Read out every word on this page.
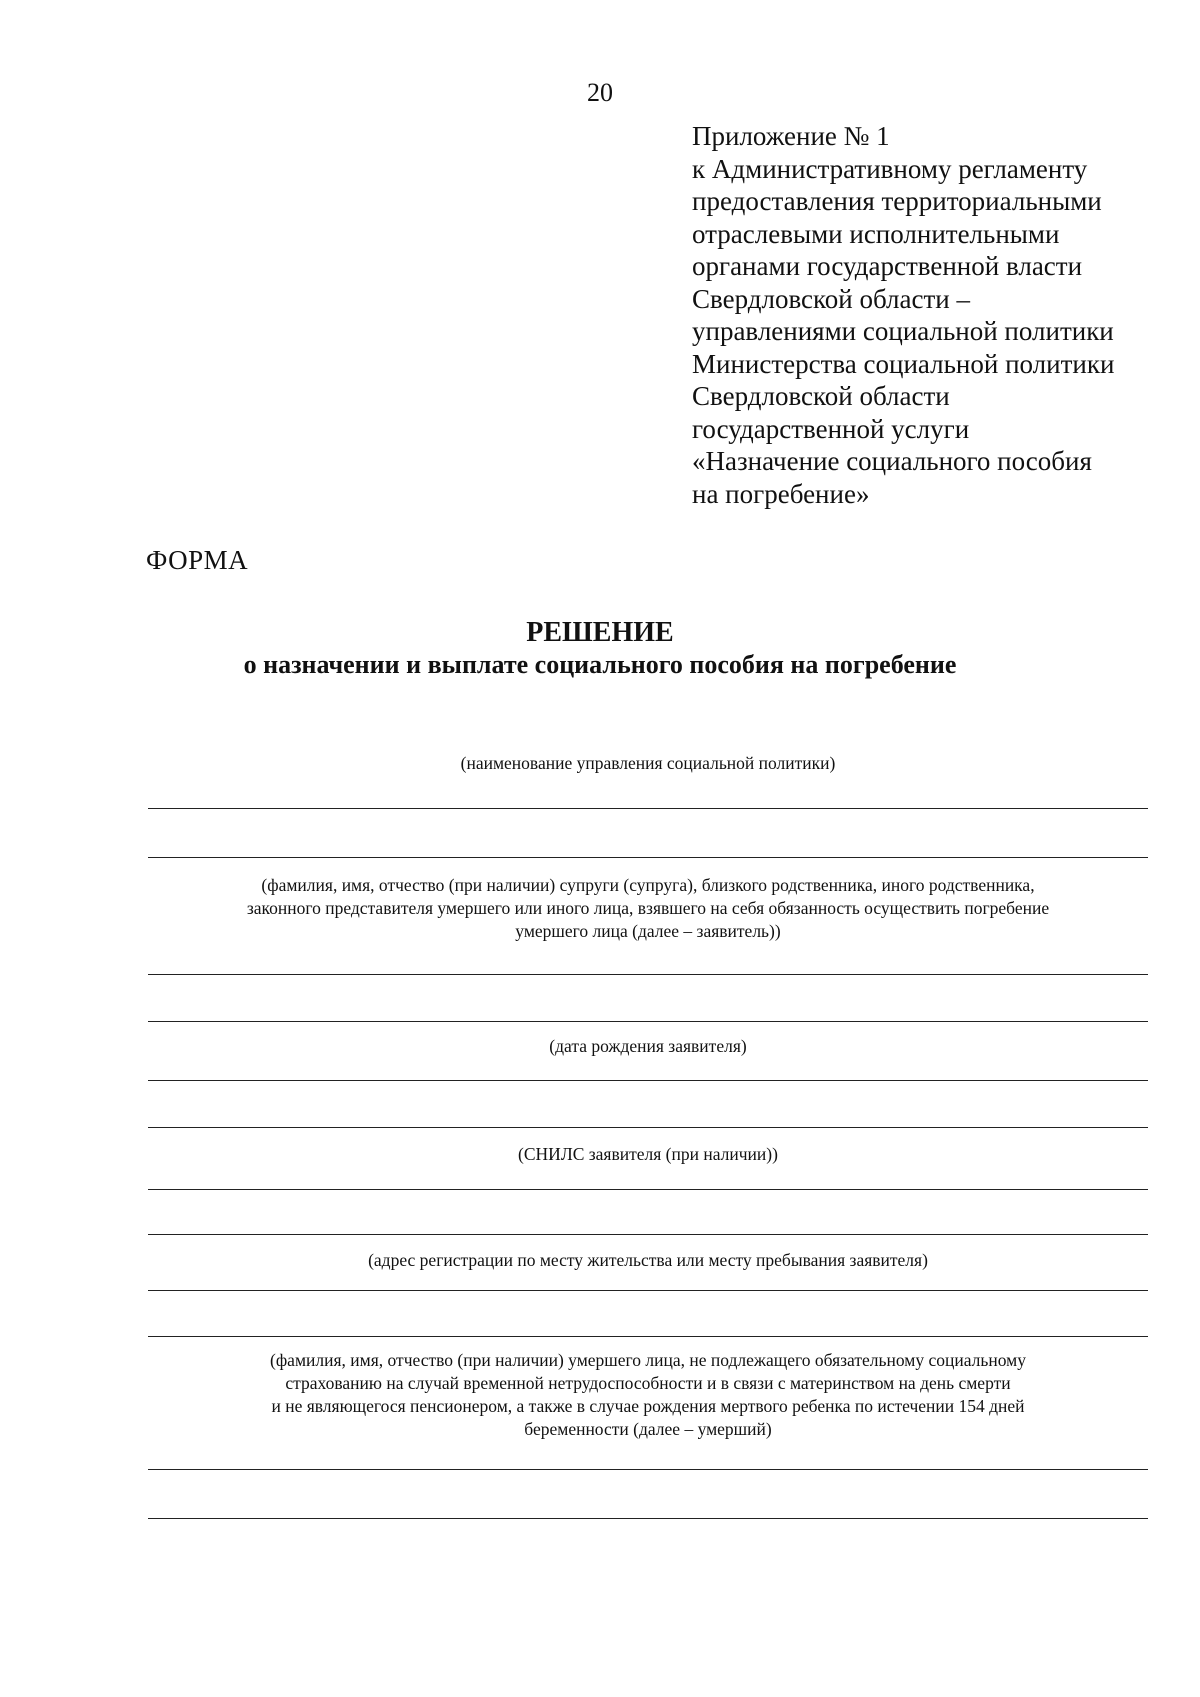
20
Приложение № 1
к Административному регламенту
предоставления территориальными
отраслевыми исполнительными
органами государственной власти
Свердловской области –
управлениями социальной политики
Министерства социальной политики
Свердловской области
государственной услуги
«Назначение социального пособия
на погребение»
ФОРМА
РЕШЕНИЕ
о назначении и выплате социального пособия на погребение
(наименование управления социальной политики)
(фамилия, имя, отчество (при наличии) супруги (супруга), близкого родственника, иного родственника,
законного представителя умершего или иного лица, взявшего на себя обязанность осуществить погребение
умершего лица (далее – заявитель))
(дата рождения заявителя)
(СНИЛС заявителя (при наличии))
(адрес регистрации по месту жительства или месту пребывания заявителя)
(фамилия, имя, отчество (при наличии) умершего лица, не подлежащего обязательному социальному
страхованию на случай временной нетрудоспособности и в связи с материнством на день смерти
и не являющегося пенсионером, а также в случае рождения мертвого ребенка по истечении 154 дней
беременности (далее – умерший)
